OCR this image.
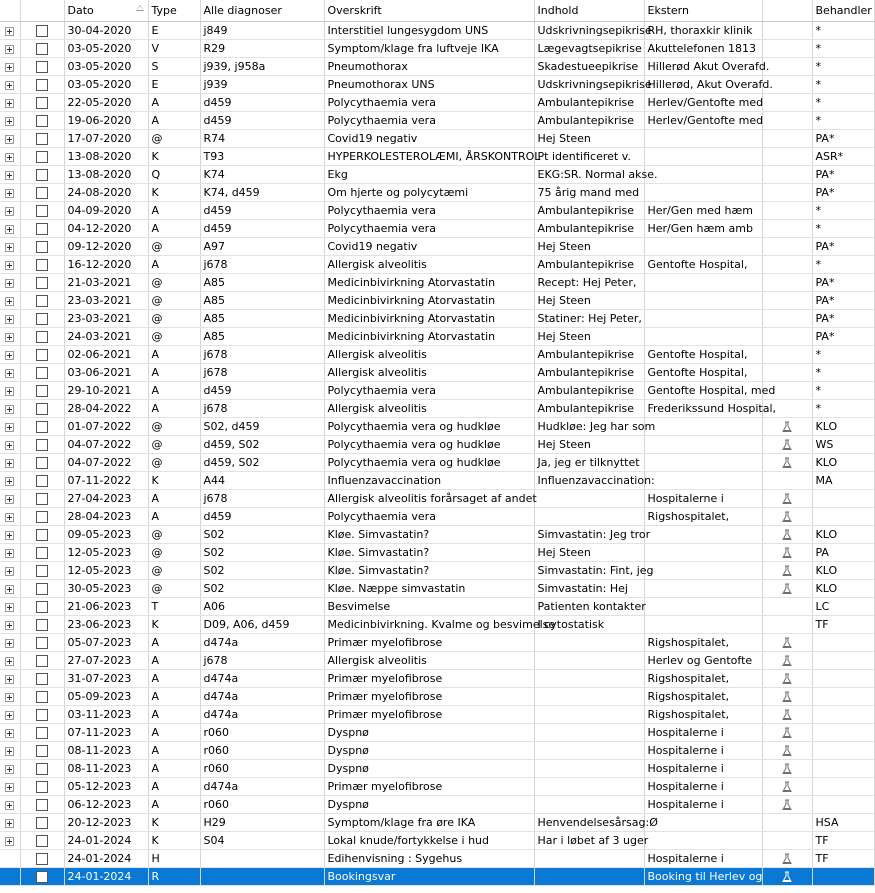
		Dato	Type	Alle diagnoser	Overskrift	Indhold	Ekstern		Behandler
		30-04-2020	E	j849	Interstitiel lungesygdom UNS	Udskrivningsepikrise	RH, thoraxkir klinik		*
		03-05-2020	V	R29	Symptom/klage fra luftveje IKA	Lægevagtsepikrise	Akuttelefonen 1813		*
		03-05-2020	S	j939, j958a	Pneumothorax	Skadestueepikrise	Hillerød Akut Overafd.		*
		03-05-2020	E	j939	Pneumothorax UNS	Udskrivningsepikrise	Hillerød, Akut Overafd.		*
		22-05-2020	A	d459	Polycythaemia vera	Ambulantepikrise	Herlev/Gentofte med		*
		19-06-2020	A	d459	Polycythaemia vera	Ambulantepikrise	Herlev/Gentofte med		*
		17-07-2020	@	R74	Covid19 negativ	Hej Steen			PA*
		13-08-2020	K	T93	HYPERKOLESTEROLÆMI, ÅRSKONTROL	Pt identificeret v.			ASR*
		13-08-2020	Q	K74	Ekg	EKG:SR. Normal akse.			PA*
		24-08-2020	K	K74, d459	Om hjerte og polycytæmi	75 årig mand med			PA*
		04-09-2020	A	d459	Polycythaemia vera	Ambulantepikrise	Her/Gen med hæm		*
		04-12-2020	A	d459	Polycythaemia vera	Ambulantepikrise	Her/Gen hæm amb		*
		09-12-2020	@	A97	Covid19 negativ	Hej Steen			PA*
		16-12-2020	A	j678	Allergisk alveolitis	Ambulantepikrise	Gentofte Hospital,		*
		21-03-2021	@	A85	Medicinbivirkning Atorvastatin	Recept: Hej Peter,			PA*
		23-03-2021	@	A85	Medicinbivirkning Atorvastatin	Hej Steen			PA*
		23-03-2021	@	A85	Medicinbivirkning Atorvastatin	Statiner: Hej Peter,			PA*
		24-03-2021	@	A85	Medicinbivirkning Atorvastatin	Hej Steen			PA*
		02-06-2021	A	j678	Allergisk alveolitis	Ambulantepikrise	Gentofte Hospital,		*
		03-06-2021	A	j678	Allergisk alveolitis	Ambulantepikrise	Gentofte Hospital,		*
		29-10-2021	A	d459	Polycythaemia vera	Ambulantepikrise	Gentofte Hospital, med		*
		28-04-2022	A	j678	Allergisk alveolitis	Ambulantepikrise	Frederikssund Hospital,		*
		01-07-2022	@	S02, d459	Polycythaemia vera og hudkløe	Hudkløe: Jeg har som			KLO
		04-07-2022	@	d459, S02	Polycythaemia vera og hudkløe	Hej Steen			WS
		04-07-2022	@	d459, S02	Polycythaemia vera og hudkløe	Ja, jeg er tilknyttet			KLO
		07-11-2022	K	A44	Influenzavaccination	Influenzavaccination:			MA
		27-04-2023	A	j678	Allergisk alveolitis forårsaget af andet		Hospitalerne i		
		28-04-2023	A	d459	Polycythaemia vera		Rigshospitalet,		
		09-05-2023	@	S02	Kløe. Simvastatin?	Simvastatin: Jeg tror			KLO
		12-05-2023	@	S02	Kløe. Simvastatin?	Hej Steen			PA
		12-05-2023	@	S02	Kløe. Simvastatin?	Simvastatin: Fint, jeg			KLO
		30-05-2023	@	S02	Kløe. Næppe simvastatin	Simvastatin: Hej			KLO
		21-06-2023	T	A06	Besvimelse	Patienten kontakter			LC
		23-06-2023	K	D09, A06, d459	Medicinbivirkning. Kvalme og besvimelse	I cytostatisk			TF
		05-07-2023	A	d474a	Primær myelofibrose		Rigshospitalet,		
		27-07-2023	A	j678	Allergisk alveolitis		Herlev og Gentofte		
		31-07-2023	A	d474a	Primær myelofibrose		Rigshospitalet,		
		05-09-2023	A	d474a	Primær myelofibrose		Rigshospitalet,		
		03-11-2023	A	d474a	Primær myelofibrose		Rigshospitalet,		
		07-11-2023	A	r060	Dyspnø		Hospitalerne i		
		08-11-2023	A	r060	Dyspnø		Hospitalerne i		
		08-11-2023	A	r060	Dyspnø		Hospitalerne i		
		05-12-2023	A	d474a	Primær myelofibrose		Hospitalerne i		
		06-12-2023	A	r060	Dyspnø		Hospitalerne i		
		20-12-2023	K	H29	Symptom/klage fra øre IKA	Henvendelsesårsag:Ø			HSA
		24-01-2024	K	S04	Lokal knude/fortykkelse i hud	Har i løbet af 3 uger			TF
		24-01-2024	H		Edihenvisning : Sygehus		Hospitalerne i		TF
		24-01-2024	R		Bookingsvar		Booking til Herlev og		
